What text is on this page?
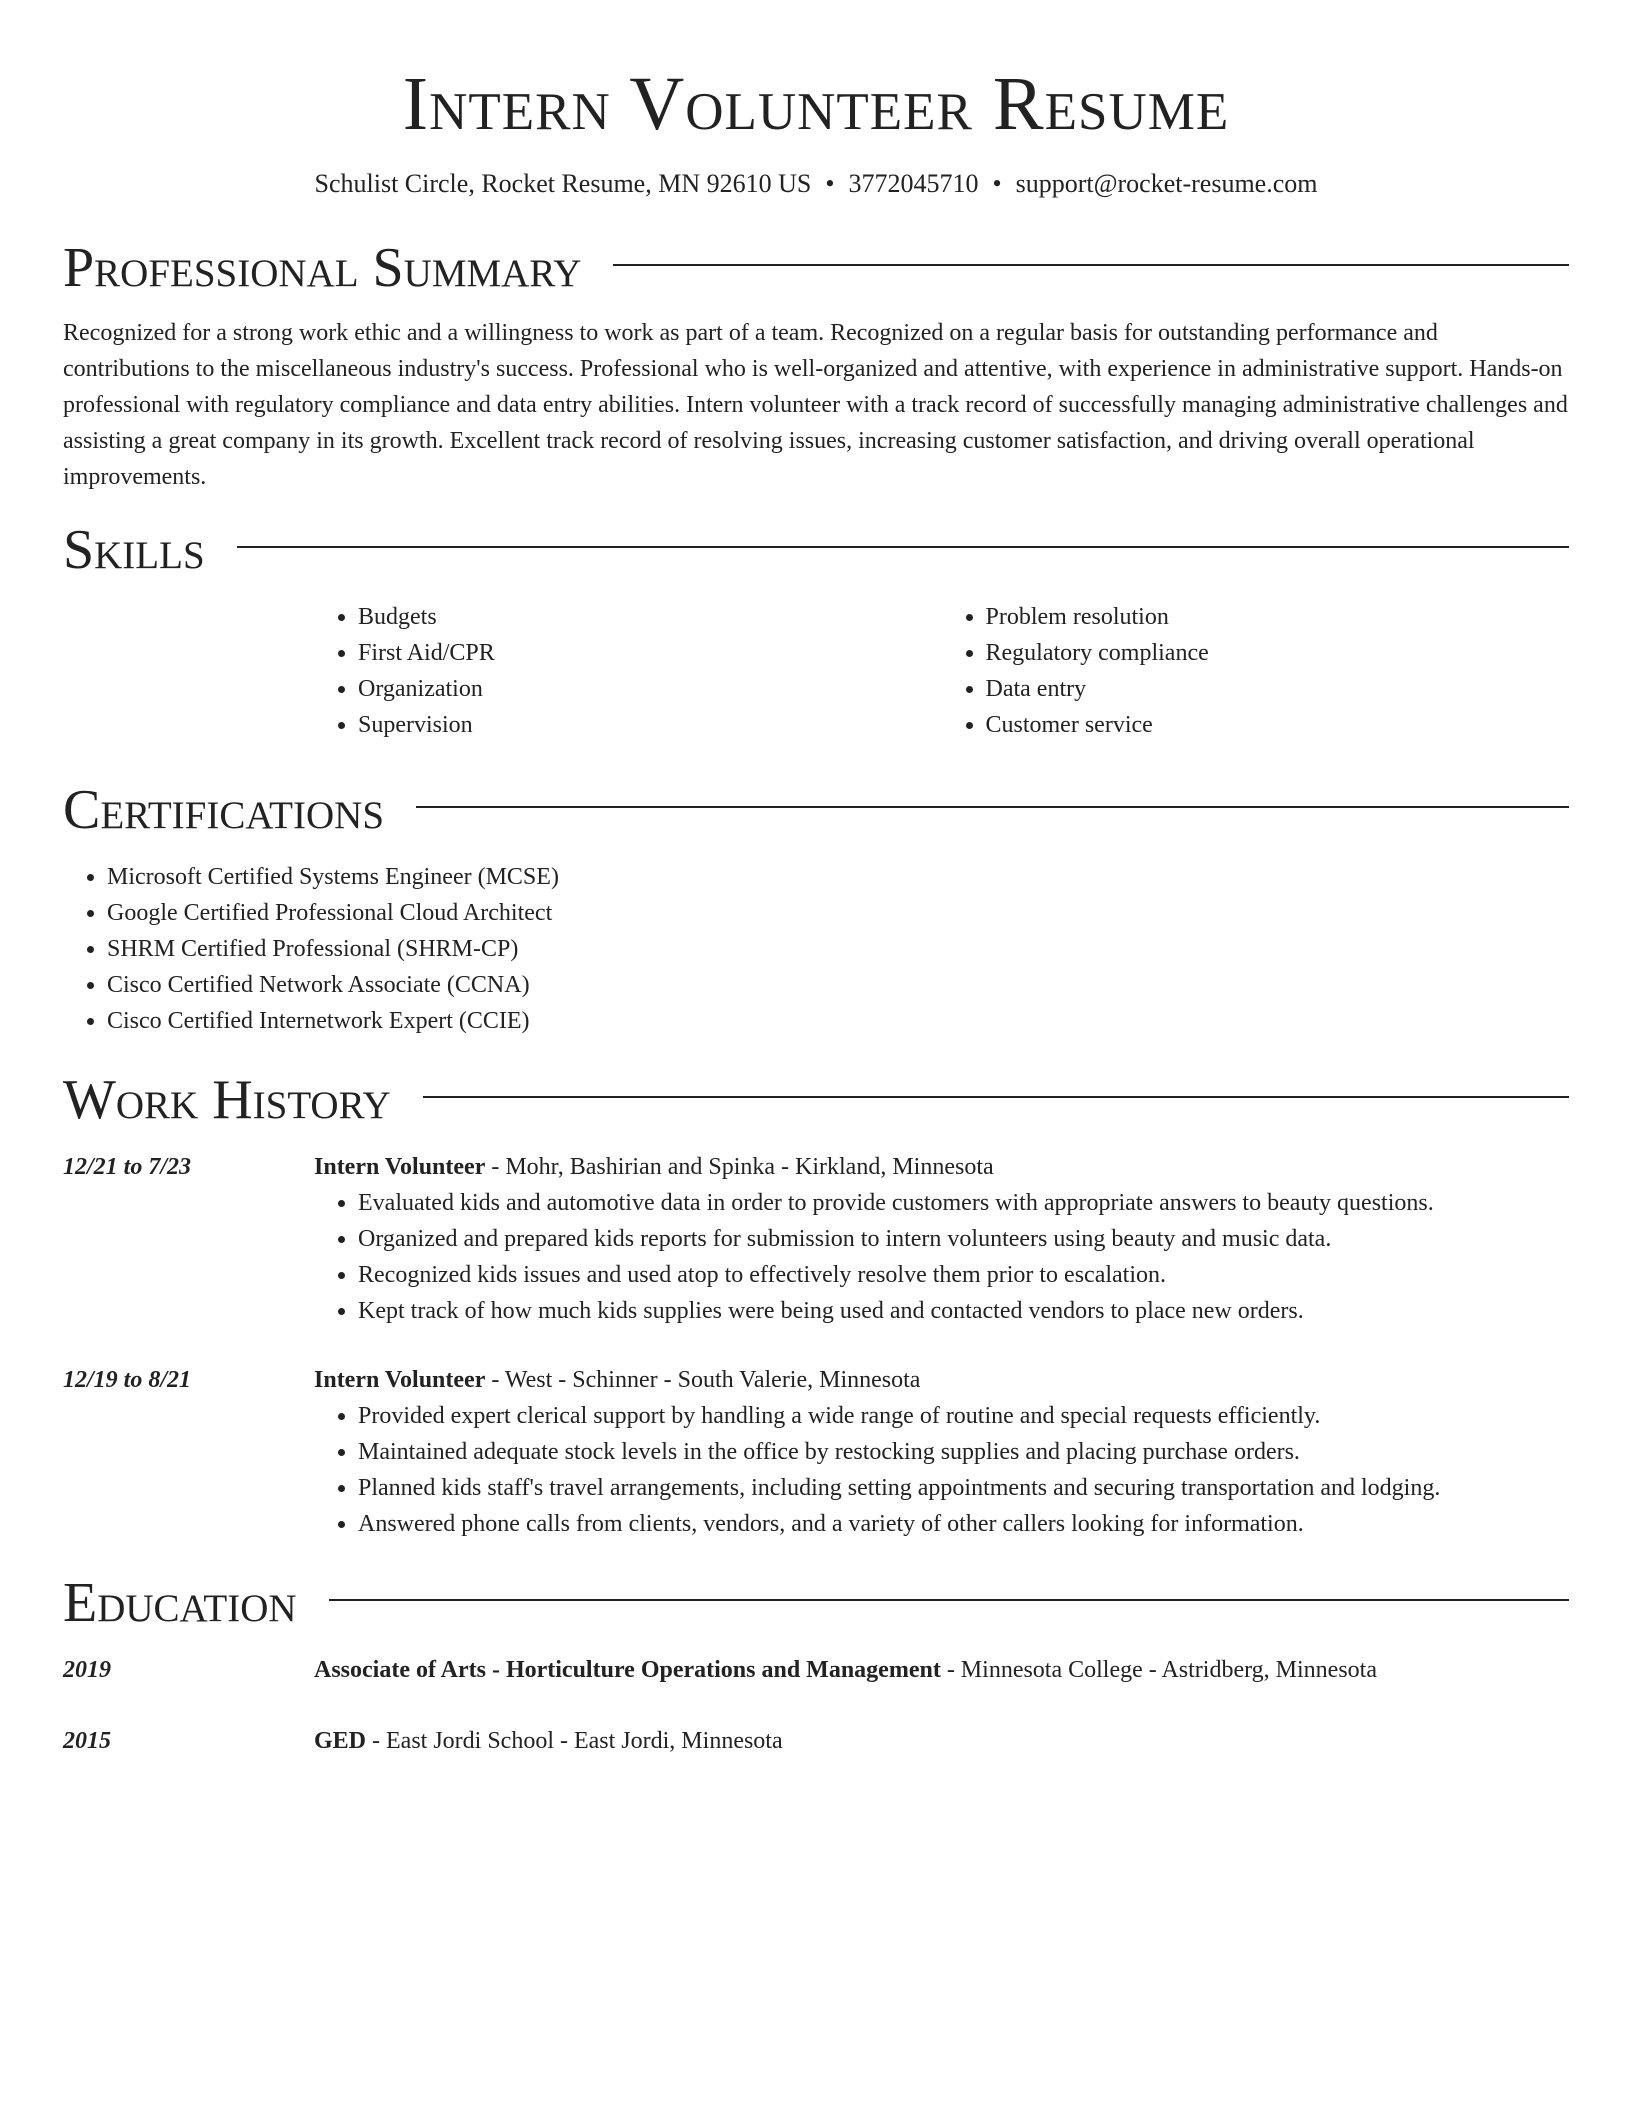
Intern Volunteer Resume
Schulist Circle, Rocket Resume, MN 92610 US • 3772045710 • support@rocket-resume.com
Professional Summary

Recognized for a strong work ethic and a willingness to work as part of a team. Recognized on a regular basis for outstanding performance and contributions to the miscellaneous industry's success. Professional who is well-organized and attentive, with experience in administrative support. Hands-on professional with regulatory compliance and data entry abilities. Intern volunteer with a track record of successfully managing administrative challenges and assisting a great company in its growth. Excellent track record of resolving issues, increasing customer satisfaction, and driving overall operational improvements.

Skills
• Budgets
• First Aid/CPR
• Organization
• Supervision
• Problem resolution
• Regulatory compliance
• Data entry
• Customer service
Certifications
• Microsoft Certified Systems Engineer (MCSE)
• Google Certified Professional Cloud Architect
• SHRM Certified Professional (SHRM-CP)
• Cisco Certified Network Associate (CCNA)
• Cisco Certified Internetwork Expert (CCIE)
Work History
12/21 to 7/23	Intern Volunteer - Mohr, Bashirian and Spinka - Kirkland, Minnesota
• Evaluated kids and automotive data in order to provide customers with appropriate answers to beauty questions.
• Organized and prepared kids reports for submission to intern volunteers using beauty and music data.
• Recognized kids issues and used atop to effectively resolve them prior to escalation.
• Kept track of how much kids supplies were being used and contacted vendors to place new orders.
12/19 to 8/21	Intern Volunteer - West - Schinner - South Valerie, Minnesota
• Provided expert clerical support by handling a wide range of routine and special requests efficiently.
• Maintained adequate stock levels in the office by restocking supplies and placing purchase orders.
• Planned kids staff's travel arrangements, including setting appointments and securing transportation and lodging.
• Answered phone calls from clients, vendors, and a variety of other callers looking for information.
Education
2019	Associate of Arts - Horticulture Operations and Management - Minnesota College - Astridberg, Minnesota
2015	GED - East Jordi School - East Jordi, Minnesota
